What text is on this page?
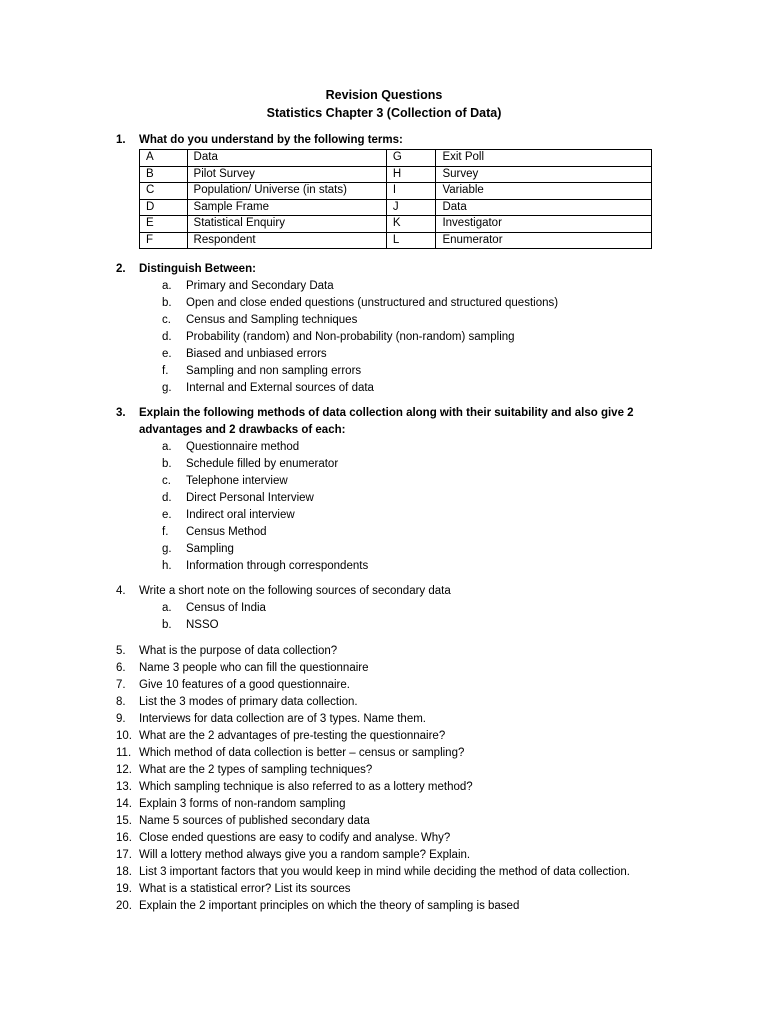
Revision Questions
Statistics Chapter 3 (Collection of Data)
1.	What do you understand by the following terms:
A	Data	G	Exit Poll
B	Pilot Survey	H	Survey
C	Population/ Universe (in stats)	I	Variable
D	Sample Frame	J	Data
E	Statistical Enquiry	K	Investigator
F	Respondent	L	Enumerator
2.	Distinguish Between:
a. Primary and Secondary Data
b. Open and close ended questions (unstructured and structured questions)
c. Census and Sampling techniques
d. Probability (random) and Non-probability (non-random) sampling
e. Biased and unbiased errors
f. Sampling and non sampling errors
g. Internal and External sources of data
3.	Explain the following methods of data collection along with their suitability and also give 2 advantages and 2 drawbacks of each:
a. Questionnaire method
b. Schedule filled by enumerator
c. Telephone interview
d. Direct Personal Interview
e. Indirect oral interview
f. Census Method
g. Sampling
h. Information through correspondents
4.	Write a short note on the following sources of secondary data
a. Census of India
b. NSSO
5.	What is the purpose of data collection?
6.	Name 3 people who can fill the questionnaire
7.	Give 10 features of a good questionnaire.
8.	List the 3 modes of primary data collection.
9.	Interviews for data collection are of 3 types. Name them.
10. What are the 2 advantages of pre-testing the questionnaire?
11. Which method of data collection is better – census or sampling?
12. What are the 2 types of sampling techniques?
13. Which sampling technique is also referred to as a lottery method?
14. Explain 3 forms of non-random sampling
15. Name 5 sources of published secondary data
16. Close ended questions are easy to codify and analyse. Why?
17. Will a lottery method always give you a random sample? Explain.
18. List 3 important factors that you would keep in mind while deciding the method of data collection.
19. What is a statistical error? List its sources
20. Explain the 2 important principles on which the theory of sampling is based
